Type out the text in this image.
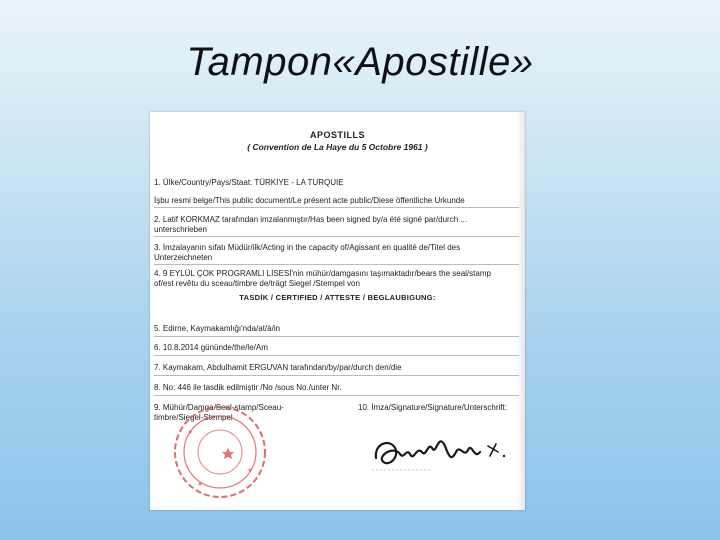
Tampon«Apostille»
APOSTILLS
( Convention de La Haye du 5 Octobre 1961 )
1. Ülke/Country/Pays/Staat: TÜRKİYE - LA TURQUIE
İşbu resmi belge/This public document/Le présent acte public/Diese öffentliche Urkunde
2. Latif KORKMAZ tarafından imzalanmıştır/Has been signed by/a été signé par/durch ...
unterschrieben
3. İmzalayanın sıfatı Müdür/ilk/Acting in the capacity of/Agissant en qualité de/Titel des
Unterzeichneten
4. 9 EYLÜL ÇOK PROGRAMLI LİSESİ'nin mühür/damgasını taşımaktadır/bears the seal/stamp
of/est revêtu du sceau/timbre de/trägt Siegel /Stempel von
TASDİK / CERTIFIED / ATTESTE / BEGLAUBIGUNG:
5. Edirne, Kaymakamlığı'nda/at/à/in
6. 10.8.2014 gününde/the/le/Am
7. Kaymakam, Abdulhamit ERGUVAN tarafından/by/par/durch den/die
8. No: 446 ile tasdik edilmiştir /No /sous No./unter Nr.
9. Mühür/Damga/Seal-stamp/Sceau-
timbre/Siegel-Stempel
10. İmza/Signature/Signature/Unterschrift:
